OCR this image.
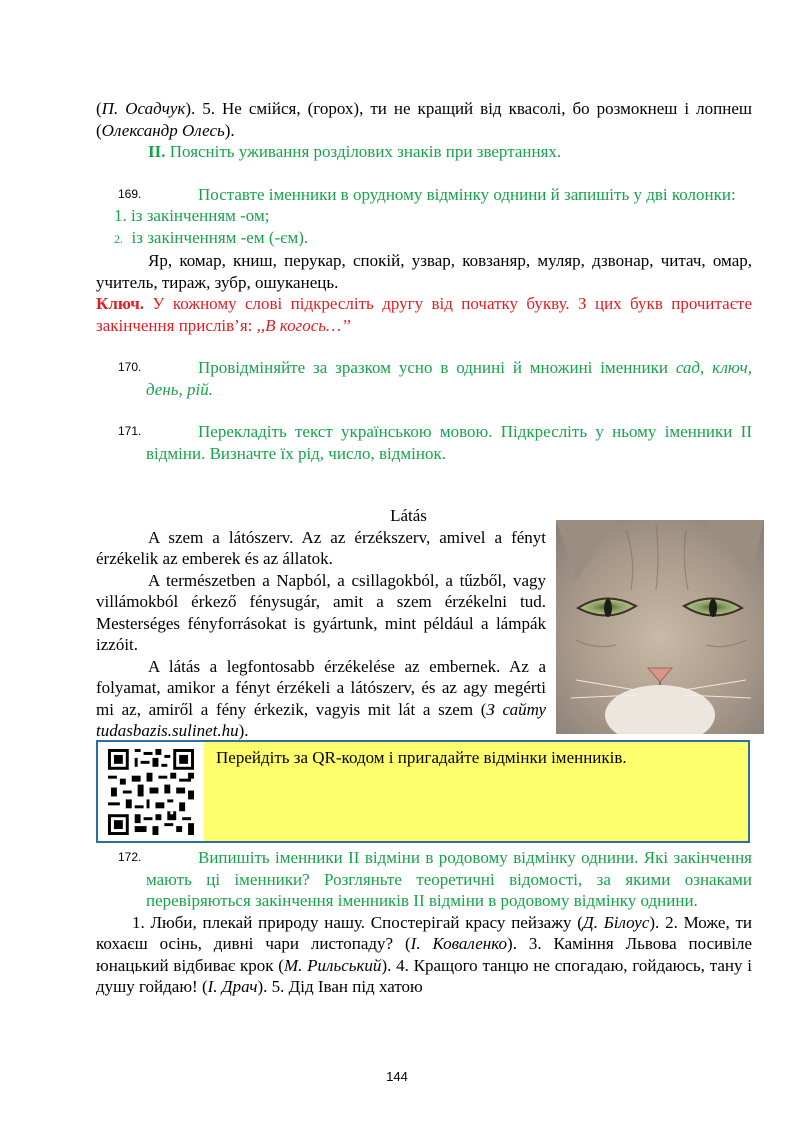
(П. Осадчук). 5. Не смійся, (горох), ти не кращий від квасолі, бо розмокнеш і лопнеш (Олександр Олесь).

ІІ. Поясніть уживання розділових знаків при звертаннях.

169.	Поставте іменники в орудному відмінку однини й запишіть у дві колонки:

1. із закінченням -ом;
2. із закінченням -ем (-єм).

Яр, комар, книш, перукар, спокій, узвар, ковзаняр, муляр, дзвонар, читач, омар, учитель, тираж, зубр, ошуканець.

Ключ. У кожному слові підкресліть другу від початку букву. З цих букв прочитаєте закінчення прислів’я: ,,В когось…’’

170.	Провідміняйте за зразком усно в однині й множині іменники сад, ключ, день, рій.

171.	Перекладіть текст українською мовою. Підкресліть у ньому іменники ІІ відміни. Визначте їх рід, число, відмінок.

Látás

A szem a látószerv. Az az érzékszerv, amivel a fényt érzékelik az emberek és az állatok.

A természetben a Napból, a csillagokból, a tűzből, vagy villámokból érkező fénysugár, amit a szem érzékelni tud. Mesterséges fényforrásokat is gyártunk, mint például a lámpák izzóit.

A látás a legfontosabb érzékelése az embernek. Az a folyamat, amikor a fényt érzékeli a látószerv, és az agy megérti mi az, amiről a fény érkezik, vagyis mit lát a szem (З сайту tudasbazis.sulinet.hu).

Перейдіть за QR-кодом і пригадайте відмінки іменників.

172.	Випишіть іменники ІІ відміни в родовому відмінку однини. Які закінчення мають ці іменники? Розгляньте теоретичні відомості, за якими ознаками перевіряються закінчення іменників ІІ відміни в родовому відмінку однини.

1. Люби, плекай природу нашу. Спостерігай красу пейзажу (Д. Білоус). 2. Може, ти кохаєш осінь, дивні чари листопаду? (І. Коваленко). 3. Каміння Львова посивіле юнацький відбиває крок (М. Рильський). 4. Кращого танцю не спогадаю, гойдаюсь, тану і душу гойдаю! (І. Драч). 5. Дід Іван під хатою

144
